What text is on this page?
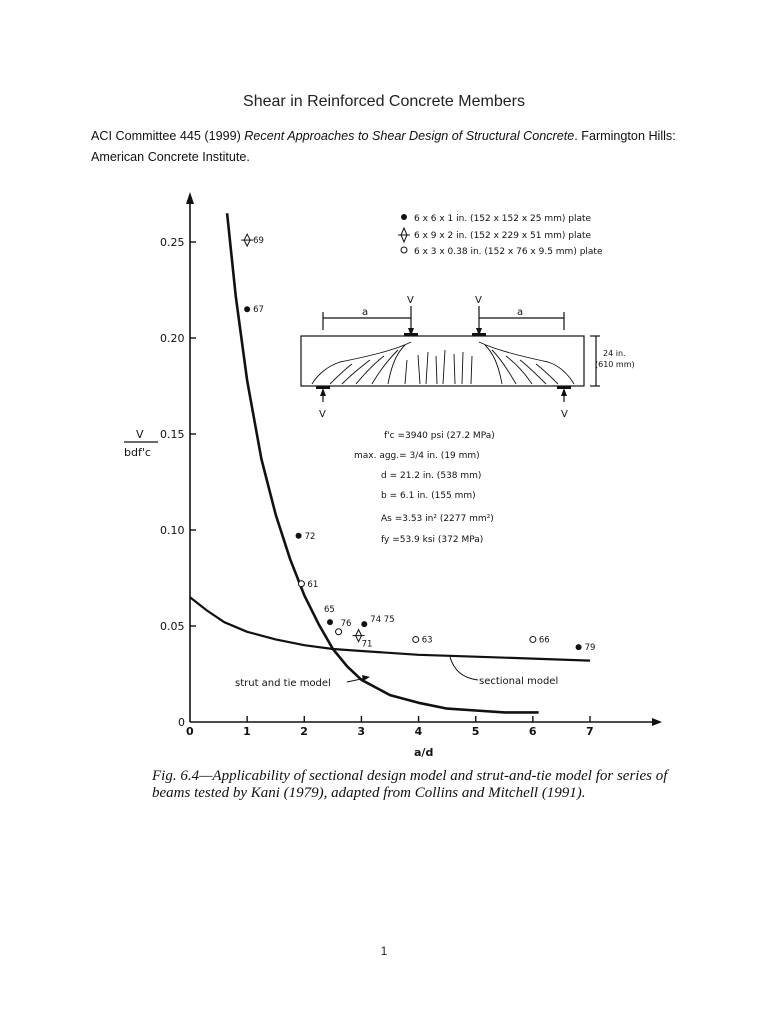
Shear in Reinforced Concrete Members
ACI Committee 445 (1999) Recent Approaches to Shear Design of Structural Concrete. Farmington Hills:
American Concrete Institute.
0	1	2	3	4	5	6	7
0
0.05
0.10
0.15
0.20
0.25
a/d
V
bdf'c
67
72
65
74 75
79
69
71
61
76
63	66
6 x 6 x 1 in. (152 x 152 x 25 mm) plate
6 x 9 x 2 in. (152 x 229 x 51 mm) plate
6 x 3 x 0.38 in. (152 x 76 x 9.5 mm) plate
V	V
a	a
V	V
24 in.
(610 mm)
f'c =3940 psi (27.2 MPa)
max. agg.= 3/4 in. (19 mm)
d = 21.2 in. (538 mm)
b = 6.1 in. (155 mm)
As =3.53 in² (2277 mm²)
fy =53.9 ksi (372 MPa)
strut and tie model	sectional model
Fig. 6.4—Applicability of sectional design model and strut-and-tie model for series of
beams tested by Kani (1979), adapted from Collins and Mitchell (1991).
1
